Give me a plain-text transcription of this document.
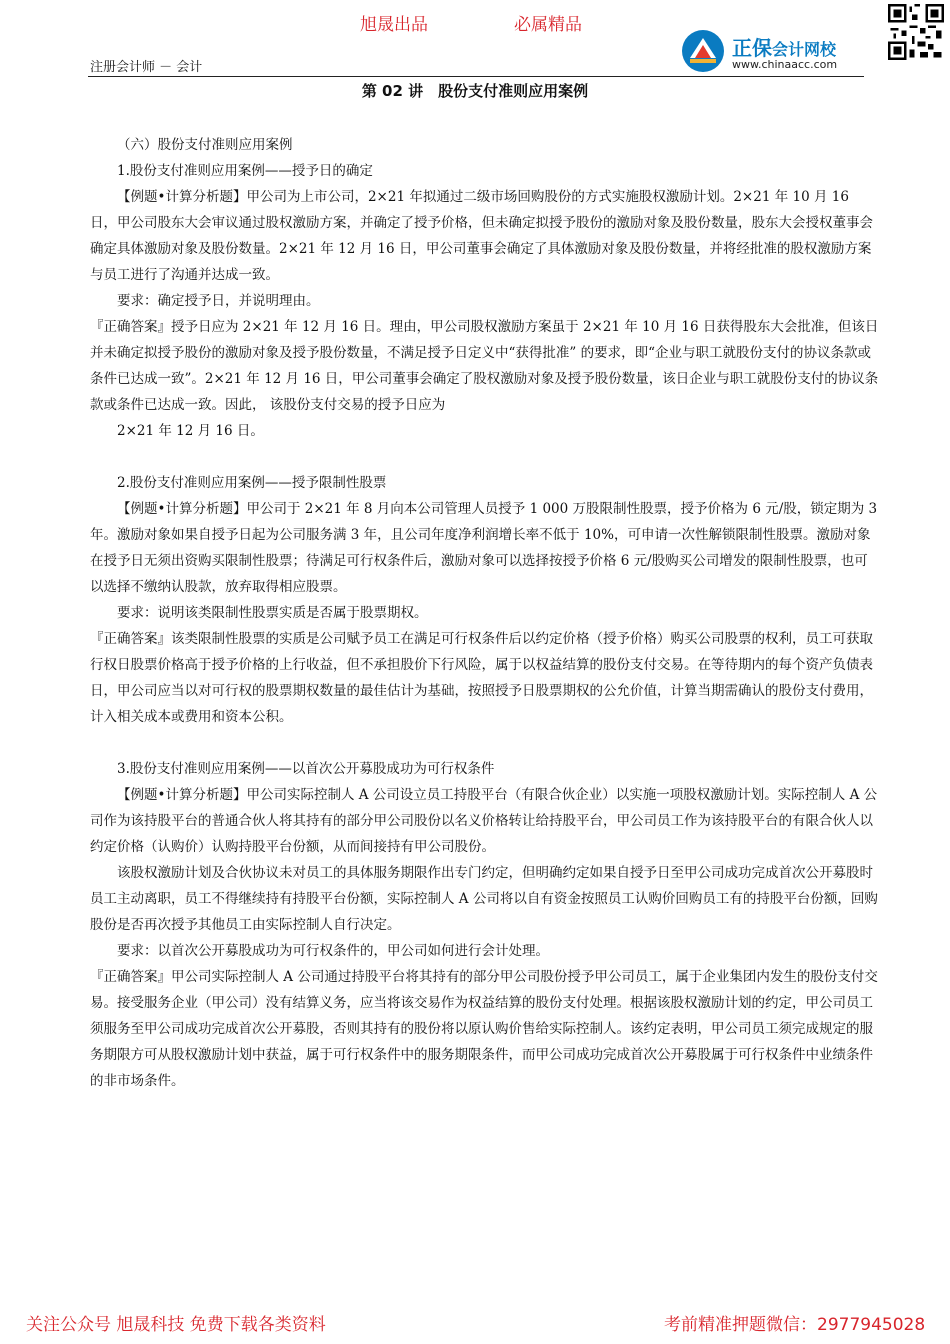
旭晟出品	必属精品
注册会计师 － 会计
正保会计网校
www.chinaacc.com
第 02 讲　股份支付准则应用案例

（六）股份支付准则应用案例

1.股份支付准则应用案例——授予日的确定

【例题•计算分析题】甲公司为上市公司，2×21 年拟通过二级市场回购股份的方式实施股权激励计划。2×21 年 10 月 16 日，甲公司股东大会审议通过股权激励方案，并确定了授予价格，但未确定拟授予股份的激励对象及股份数量，股东大会授权董事会确定具体激励对象及股份数量。2×21 年 12 月 16 日，甲公司董事会确定了具体激励对象及股份数量，并将经批准的股权激励方案与员工进行了沟通并达成一致。

要求：确定授予日，并说明理由。

『正确答案』授予日应为 2×21 年 12 月 16 日。理由，甲公司股权激励方案虽于 2×21 年 10 月 16 日获得股东大会批准，但该日并未确定拟授予股份的激励对象及授予股份数量，不满足授予日定义中“获得批准” 的要求，即“企业与职工就股份支付的协议条款或条件已达成一致”。2×21 年 12 月 16 日，甲公司董事会确定了股权激励对象及授予股份数量，该日企业与职工就股份支付的协议条款或条件已达成一致。因此， 该股份支付交易的授予日应为

2×21 年 12 月 16 日。

2.股份支付准则应用案例——授予限制性股票

【例题•计算分析题】甲公司于 2×21 年 8 月向本公司管理人员授予 1 000 万股限制性股票，授予价格为 6 元/股，锁定期为 3 年。激励对象如果自授予日起为公司服务满 3 年，且公司年度净利润增长率不低于 10%，可申请一次性解锁限制性股票。激励对象在授予日无须出资购买限制性股票；待满足可行权条件后，激励对象可以选择按授予价格 6 元/股购买公司增发的限制性股票，也可以选择不缴纳认股款，放弃取得相应股票。

要求：说明该类限制性股票实质是否属于股票期权。

『正确答案』该类限制性股票的实质是公司赋予员工在满足可行权条件后以约定价格（授予价格）购买公司股票的权利，员工可获取行权日股票价格高于授予价格的上行收益，但不承担股价下行风险，属于以权益结算的股份支付交易。在等待期内的每个资产负债表日，甲公司应当以对可行权的股票期权数量的最佳估计为基础，按照授予日股票期权的公允价值，计算当期需确认的股份支付费用，计入相关成本或费用和资本公积。

3.股份支付准则应用案例——以首次公开募股成功为可行权条件

【例题•计算分析题】甲公司实际控制人 A 公司设立员工持股平台（有限合伙企业）以实施一项股权激励计划。实际控制人 A 公司作为该持股平台的普通合伙人将其持有的部分甲公司股份以名义价格转让给持股平台，甲公司员工作为该持股平台的有限合伙人以约定价格（认购价）认购持股平台份额，从而间接持有甲公司股份。

该股权激励计划及合伙协议未对员工的具体服务期限作出专门约定，但明确约定如果自授予日至甲公司成功完成首次公开募股时员工主动离职，员工不得继续持有持股平台份额，实际控制人 A 公司将以自有资金按照员工认购价回购员工有的持股平台份额，回购股份是否再次授予其他员工由实际控制人自行决定。

要求：以首次公开募股成功为可行权条件的，甲公司如何进行会计处理。

『正确答案』甲公司实际控制人 A 公司通过持股平台将其持有的部分甲公司股份授予甲公司员工，属于企业集团内发生的股份支付交易。接受服务企业（甲公司）没有结算义务，应当将该交易作为权益结算的股份支付处理。根据该股权激励计划的约定，甲公司员工须服务至甲公司成功完成首次公开募股，否则其持有的股份将以原认购价售给实际控制人。该约定表明，甲公司员工须完成规定的服务期限方可从股权激励计划中获益，属于可行权条件中的服务期限条件，而甲公司成功完成首次公开募股属于可行权条件中业绩条件的非市场条件。

关注公众号 旭晟科技 免费下载各类资料	考前精准押题微信：2977945028
